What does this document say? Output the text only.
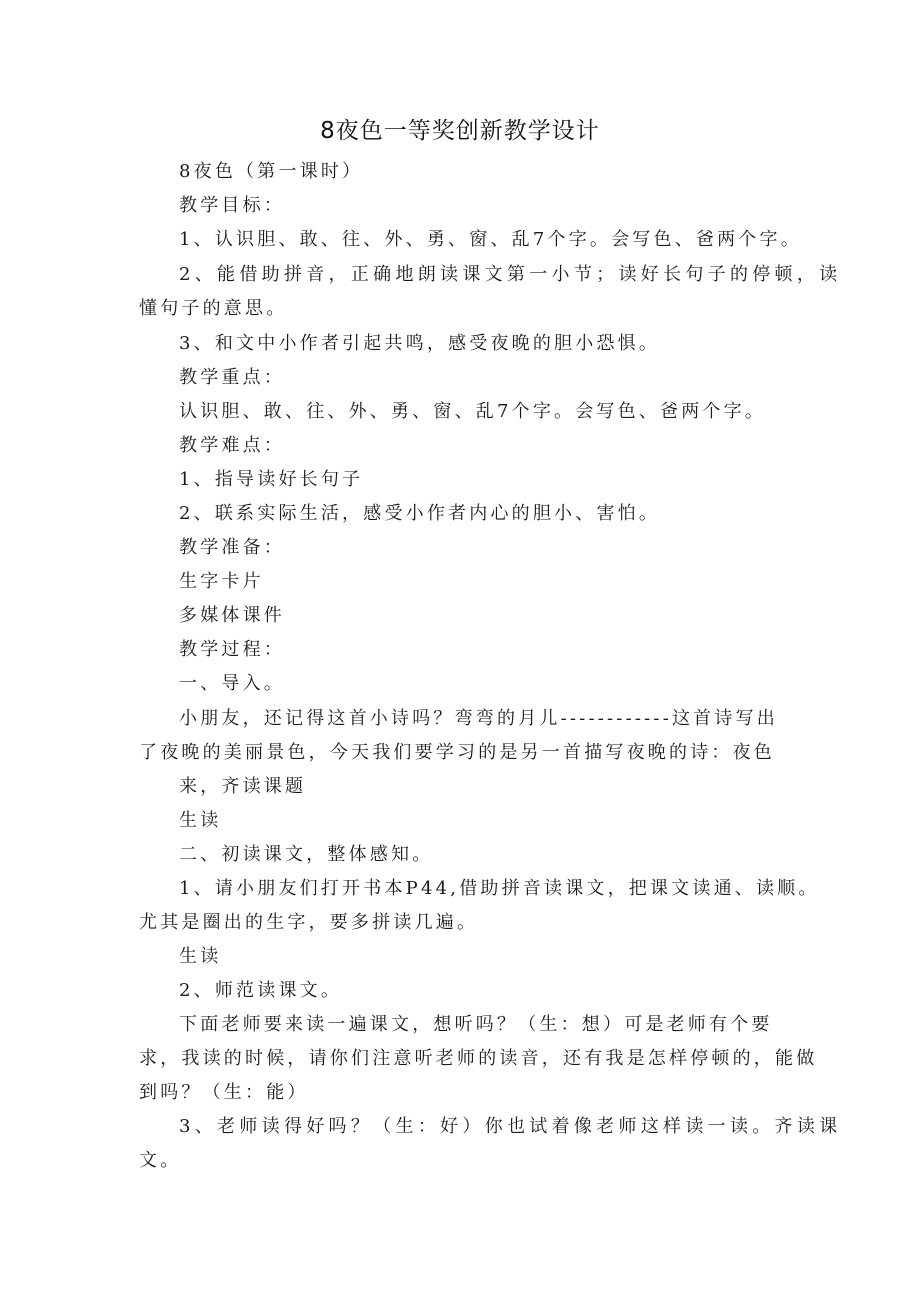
8夜色一等奖创新教学设计
8夜色（第一课时）
教学目标：
1、认识胆、敢、往、外、勇、窗、乱7个字。会写色、爸两个字。
2、能借助拼音，正确地朗读课文第一小节；读好长句子的停顿，读
懂句子的意思。
3、和文中小作者引起共鸣，感受夜晚的胆小恐惧。
教学重点：
认识胆、敢、往、外、勇、窗、乱7个字。会写色、爸两个字。
教学难点：
1、指导读好长句子
2、联系实际生活，感受小作者内心的胆小、害怕。
教学准备：
生字卡片
多媒体课件
教学过程：
一、导入。
小朋友，还记得这首小诗吗？弯弯的月儿------------这首诗写出
了夜晚的美丽景色，今天我们要学习的是另一首描写夜晚的诗：夜色
来，齐读课题
生读
二、初读课文，整体感知。
1、请小朋友们打开书本P44,借助拼音读课文，把课文读通、读顺。
尤其是圈出的生字，要多拼读几遍。
生读
2、师范读课文。
下面老师要来读一遍课文，想听吗？（生：想）可是老师有个要
求，我读的时候，请你们注意听老师的读音，还有我是怎样停顿的，能做
到吗？（生：能）
3、老师读得好吗？（生：好）你也试着像老师这样读一读。齐读课
文。
